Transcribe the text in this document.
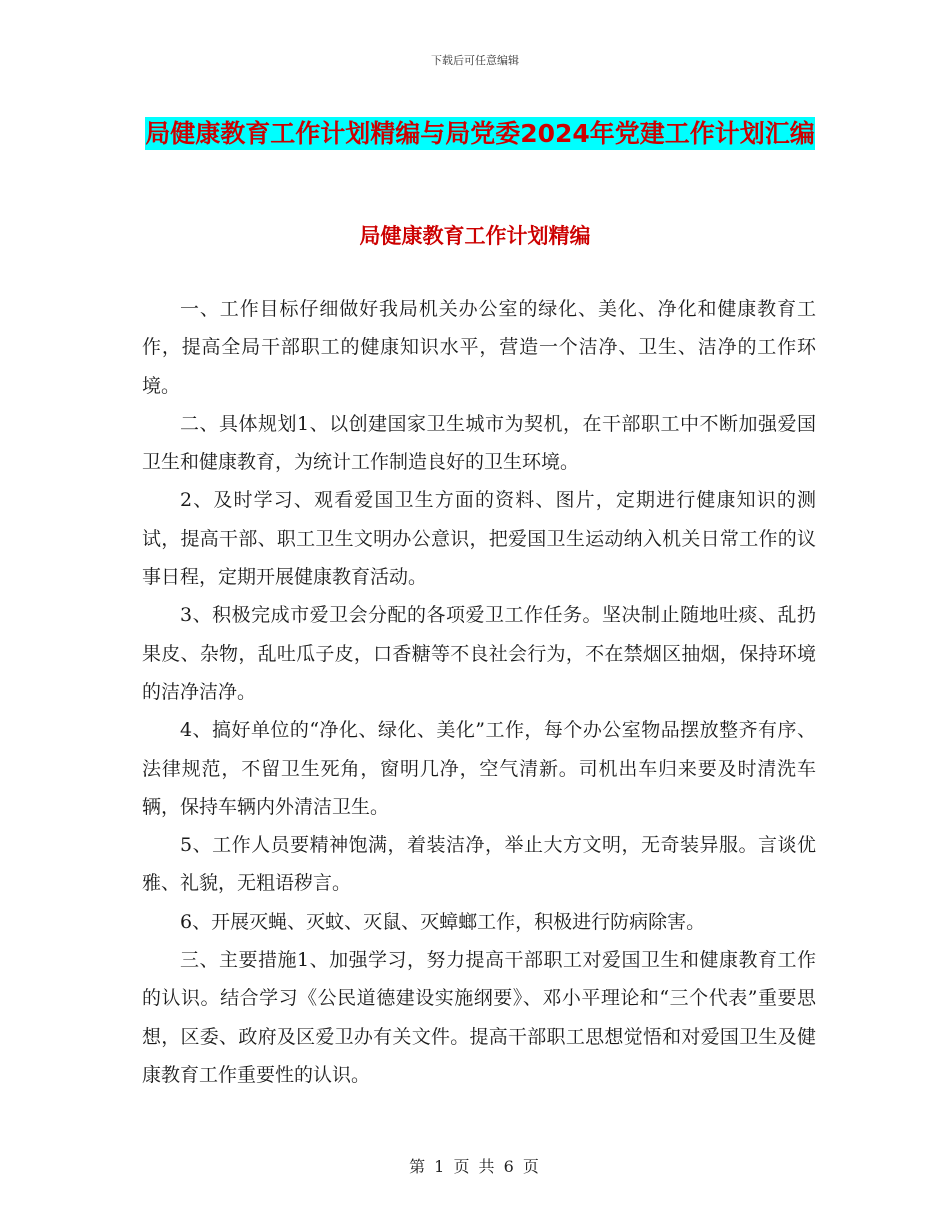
下载后可任意编辑
局健康教育工作计划精编与局党委2024年党建工作计划汇编
局健康教育工作计划精编

一、工作目标仔细做好我局机关办公室的绿化、美化、净化和健康教育工作，提高全局干部职工的健康知识水平，营造一个洁净、卫生、洁净的工作环境。

二、具体规划1、以创建国家卫生城市为契机，在干部职工中不断加强爱国卫生和健康教育，为统计工作制造良好的卫生环境。

2、及时学习、观看爱国卫生方面的资料、图片，定期进行健康知识的测试，提高干部、职工卫生文明办公意识，把爱国卫生运动纳入机关日常工作的议事日程，定期开展健康教育活动。

3、积极完成市爱卫会分配的各项爱卫工作任务。坚决制止随地吐痰、乱扔果皮、杂物，乱吐瓜子皮，口香糖等不良社会行为，不在禁烟区抽烟，保持环境的洁净洁净。

4、搞好单位的“净化、绿化、美化”工作，每个办公室物品摆放整齐有序、法律规范，不留卫生死角，窗明几净，空气清新。司机出车归来要及时清洗车辆，保持车辆内外清洁卫生。

5、工作人员要精神饱满，着装洁净，举止大方文明，无奇装异服。言谈优雅、礼貌，无粗语秽言。

6、开展灭蝇、灭蚊、灭鼠、灭蟑螂工作，积极进行防病除害。

三、主要措施1、加强学习，努力提高干部职工对爱国卫生和健康教育工作的认识。结合学习《公民道德建设实施纲要》、邓小平理论和“三个代表”重要思想，区委、政府及区爱卫办有关文件。提高干部职工思想觉悟和对爱国卫生及健康教育工作重要性的认识。

第 1 页 共 6 页
